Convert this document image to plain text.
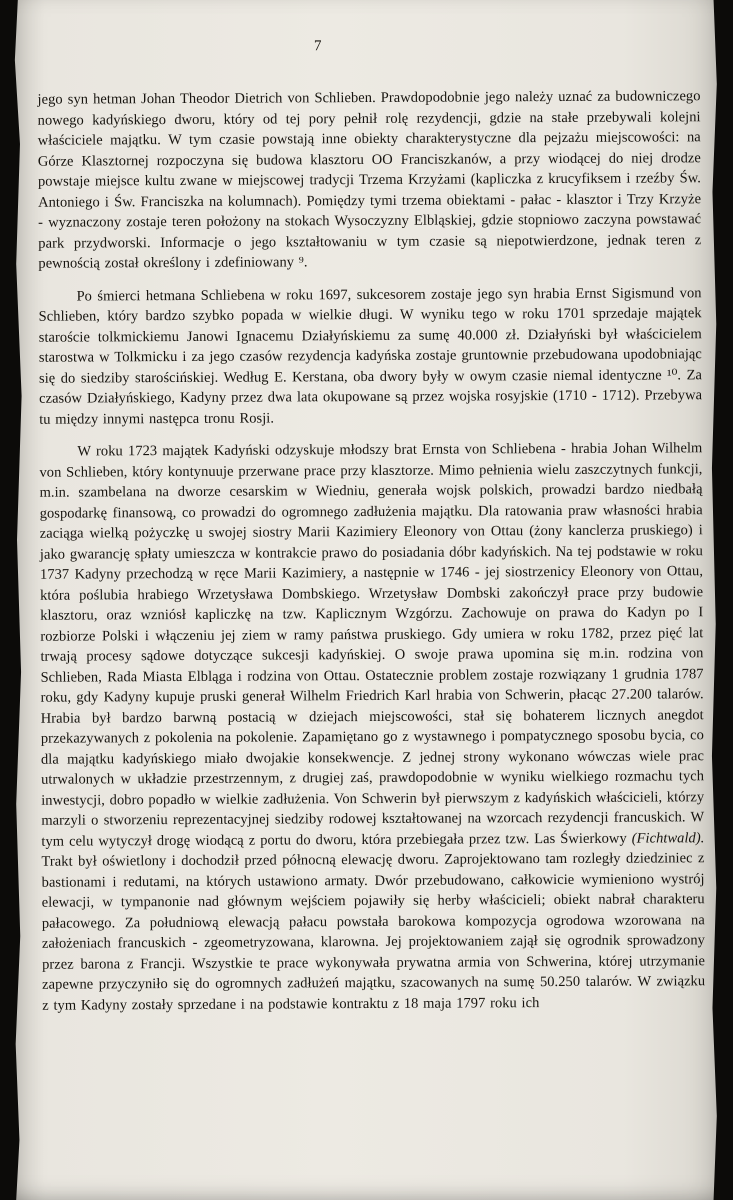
7

jego syn hetman Johan Theodor Dietrich von Schlieben. Prawdopodobnie jego należy uznać za budowniczego nowego kadyńskiego dworu, który od tej pory pełnił rolę rezydencji, gdzie na stałe przebywali kolejni właściciele majątku. W tym czasie powstają inne obiekty charakterystyczne dla pejzażu miejscowości: na Górze Klasztornej rozpoczyna się budowa klasztoru OO Franciszkanów, a przy wiodącej do niej drodze powstaje miejsce kultu zwane w miejscowej tradycji Trzema Krzyżami (kapliczka z krucyfiksem i rzeźby Św. Antoniego i Św. Franciszka na kolumnach). Pomiędzy tymi trzema obiektami - pałac - klasztor i Trzy Krzyże - wyznaczony zostaje teren położony na stokach Wysoczyzny Elbląskiej, gdzie stopniowo zaczyna powstawać park przydworski. Informacje o jego kształtowaniu w tym czasie są niepotwierdzone, jednak teren z pewnością został określony i zdefiniowany ⁹.

Po śmierci hetmana Schliebena w roku 1697, sukcesorem zostaje jego syn hrabia Ernst Sigismund von Schlieben, który bardzo szybko popada w wielkie długi. W wyniku tego w roku 1701 sprzedaje majątek staroście tolkmickiemu Janowi Ignacemu Działyńskiemu za sumę 40.000 zł. Działyński był właścicielem starostwa w Tolkmicku i za jego czasów rezydencja kadyńska zostaje gruntownie przebudowana upodobniając się do siedziby starościńskiej. Według E. Kerstana, oba dwory były w owym czasie niemal identyczne ¹⁰. Za czasów Działyńskiego, Kadyny przez dwa lata okupowane są przez wojska rosyjskie (1710 - 1712). Przebywa tu między innymi następca tronu Rosji.

W roku 1723 majątek Kadyński odzyskuje młodszy brat Ernsta von Schliebena - hrabia Johan Wilhelm von Schlieben, który kontynuuje przerwane prace przy klasztorze. Mimo pełnienia wielu zaszczytnych funkcji, m.in. szambelana na dworze cesarskim w Wiedniu, generała wojsk polskich, prowadzi bardzo niedbałą gospodarkę finansową, co prowadzi do ogromnego zadłużenia majątku. Dla ratowania praw własności hrabia zaciąga wielką pożyczkę u swojej siostry Marii Kazimiery Eleonory von Ottau (żony kanclerza pruskiego) i jako gwarancję spłaty umieszcza w kontrakcie prawo do posiadania dóbr kadyńskich. Na tej podstawie w roku 1737 Kadyny przechodzą w ręce Marii Kazimiery, a następnie w 1746 - jej siostrzenicy Eleonory von Ottau, która poślubia hrabiego Wrzetysława Dombskiego. Wrzetysław Dombski zakończył prace przy budowie klasztoru, oraz wzniósł kapliczkę na tzw. Kaplicznym Wzgórzu. Zachowuje on prawa do Kadyn po I rozbiorze Polski i włączeniu jej ziem w ramy państwa pruskiego. Gdy umiera w roku 1782, przez pięć lat trwają procesy sądowe dotyczące sukcesji kadyńskiej. O swoje prawa upomina się m.in. rodzina von Schlieben, Rada Miasta Elbląga i rodzina von Ottau. Ostatecznie problem zostaje rozwiązany 1 grudnia 1787 roku, gdy Kadyny kupuje pruski generał Wilhelm Friedrich Karl hrabia von Schwerin, płacąc 27.200 talarów. Hrabia był bardzo barwną postacią w dziejach miejscowości, stał się bohaterem licznych anegdot przekazywanych z pokolenia na pokolenie. Zapamiętano go z wystawnego i pompatycznego sposobu bycia, co dla majątku kadyńskiego miało dwojakie konsekwencje. Z jednej strony wykonano wówczas wiele prac utrwalonych w układzie przestrzennym, z drugiej zaś, prawdopodobnie w wyniku wielkiego rozmachu tych inwestycji, dobro popadło w wielkie zadłużenia. Von Schwerin był pierwszym z kadyńskich właścicieli, którzy marzyli o stworzeniu reprezentacyjnej siedziby rodowej kształtowanej na wzorcach rezydencji francuskich. W tym celu wytyczył drogę wiodącą z portu do dworu, która przebiegała przez tzw. Las Świerkowy (Fichtwald). Trakt był oświetlony i dochodził przed północną elewację dworu. Zaprojektowano tam rozległy dziedziniec z bastionami i redutami, na których ustawiono armaty. Dwór przebudowano, całkowicie wymieniono wystrój elewacji, w tympanonie nad głównym wejściem pojawiły się herby właścicieli; obiekt nabrał charakteru pałacowego. Za południową elewacją pałacu powstała barokowa kompozycja ogrodowa wzorowana na założeniach francuskich - zgeometryzowana, klarowna. Jej projektowaniem zajął się ogrodnik sprowadzony przez barona z Francji. Wszystkie te prace wykonywała prywatna armia von Schwerina, której utrzymanie zapewne przyczyniło się do ogromnych zadłużeń majątku, szacowanych na sumę 50.250 talarów. W związku z tym Kadyny zostały sprzedane i na podstawie kontraktu z 18 maja 1797 roku ich
